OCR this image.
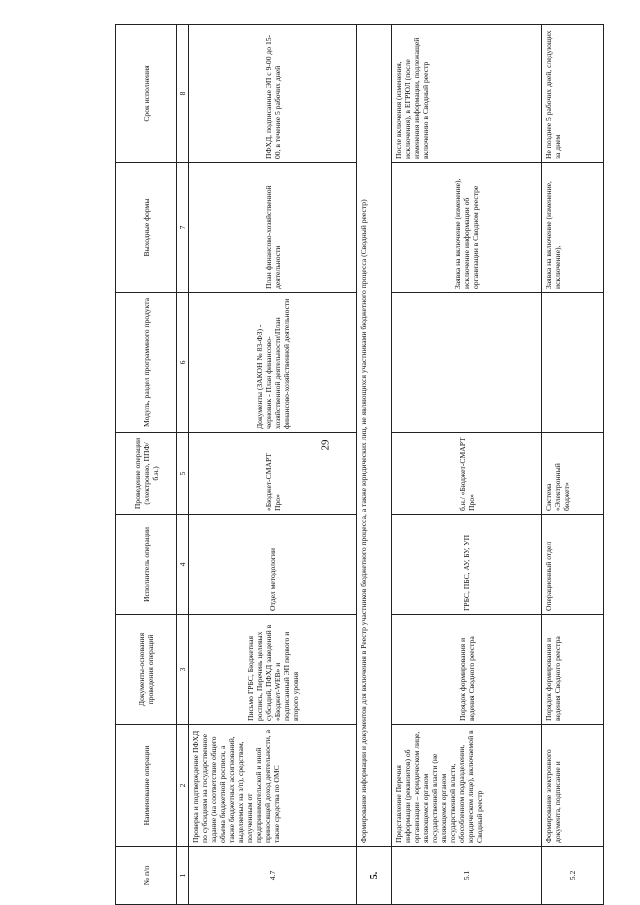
29
№ п/п	Наименование операции	Документы-основания проведения операций	Исполнитель операции	Проведение операции (электронно, ППФ/б.н.)	Модуль, раздел программного продукта	Выходные формы	Срок исполнения
1	2	3	4	5	6	7	8
4.7	Проверка и подтверждение ПФХД по субсидиям на государственное задание (на соответствие общего объема бюджетной росписи, а также бюджетных ассигнований, выделяемых на з/п), средствам, полученным от предпринимательской и иной приносящей доход деятельности, а также средства по ОМС	Письмо ГРБС, Бюджетная роспись, Перечень целевых субсидий, ПФХД заведений в «Бюджет-WEB» и подписанный ЭП первого и второго уровня	Отдел методологии	«Бюджет-СМАРТ Про»	Документы (ЗАКОН № 83-ФЗ) - черновик - План финансово-хозяйственной деятельности\План финансово-хозяйственной деятельности	План финансово-хозяйственной деятельности	ПФХД, подписанные ЭП с 9-00 до 15-00, в течение 5 рабочих дней
5.	Формирование информации и документов для включения в Реестр участников бюджетного процесса, а также юридических лиц, не являющихся участниками бюджетного процесса (Сводный реестр)						
5.1	Представление Перечня информации (реквизитов) об организации – юридическом лице, являющемся органом государственной власти (не являющемся органом государственной власти, обособленном подразделении, юридическом лице), включаемой в Сводный реестр	Порядок формирования и ведения Сводного реестра	ГРБС, ПБС, АУ, БУ, УП	б.н./ «Бюджет-СМАРТ Про»		Заявка на включение (изменение), исключение информации об организации в Сводном реестре	После включения (изменения, исключения), в ЕГРЮЛ (после изменения информации, подлежащей включению в Сводный реестр
5.2	Формирование электронного документа, подписание и	Порядок формирования и ведения Сводного реестра	Операционный отдел	Система «Электронный бюджет»		Заявка на включение (изменение, исключение),	Не позднее 5 рабочих дней, следующих за днем
